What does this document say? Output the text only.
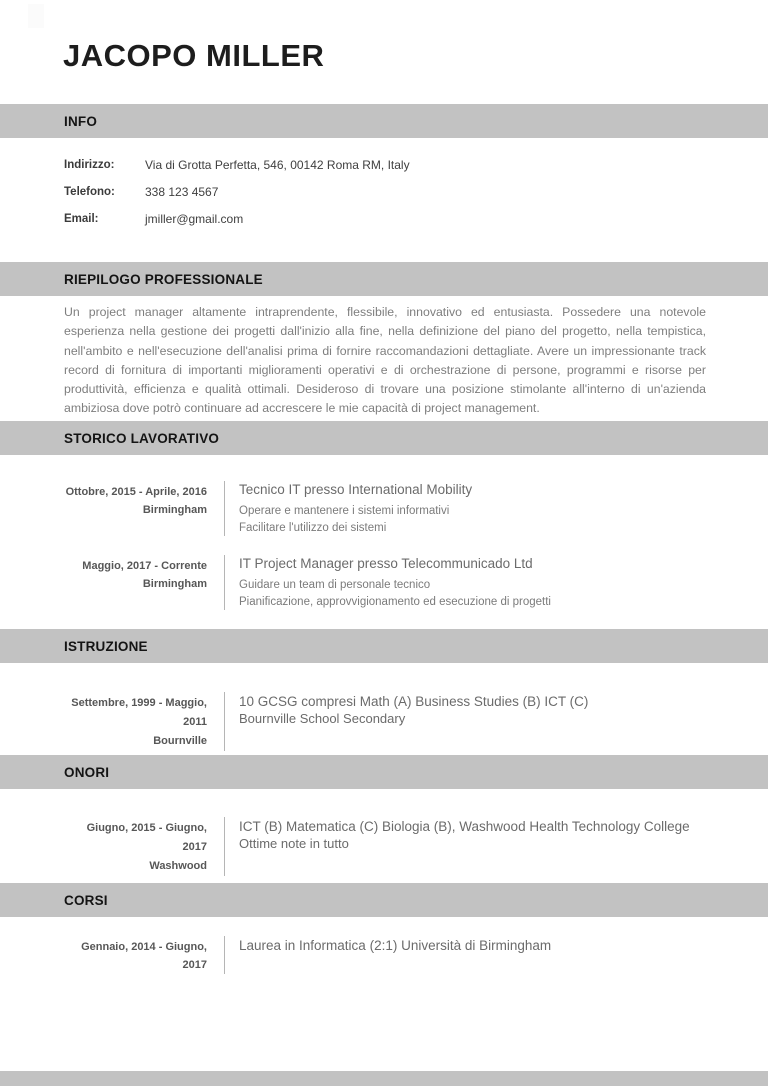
JACOPO MILLER
INFO
Indirizzo:	Via di Grotta Perfetta, 546, 00142 Roma RM, Italy
Telefono:	338 123 4567
Email:	jmiller@gmail.com
RIEPILOGO PROFESSIONALE
Un project manager altamente intraprendente, flessibile, innovativo ed entusiasta. Possedere una notevole esperienza nella gestione dei progetti dall'inizio alla fine, nella definizione del piano del progetto, nella tempistica, nell'ambito e nell'esecuzione dell'analisi prima di fornire raccomandazioni dettagliate. Avere un impressionante track record di fornitura di importanti miglioramenti operativi e di orchestrazione di persone, programmi e risorse per produttività, efficienza e qualità ottimali. Desideroso di trovare una posizione stimolante all'interno di un'azienda ambiziosa dove potrò continuare ad accrescere le mie capacità di project management.
STORICO LAVORATIVO
Ottobre, 2015 - Aprile, 2016
Birmingham
Tecnico IT presso International Mobility
Operare e mantenere i sistemi informativi
Facilitare l'utilizzo dei sistemi
Maggio, 2017 - Corrente
Birmingham
IT Project Manager presso Telecommunicado Ltd
Guidare un team di personale tecnico
Pianificazione, approvvigionamento ed esecuzione di progetti
ISTRUZIONE
Settembre, 1999 - Maggio, 2011
Bournville
10 GCSG compresi Math (A) Business Studies (B) ICT (C)
Bournville School Secondary
ONORI
Giugno, 2015 - Giugno, 2017
Washwood
ICT (B) Matematica (C) Biologia (B), Washwood Health Technology College
Ottime note in tutto
CORSI
Gennaio, 2014 - Giugno, 2017
Laurea in Informatica (2:1) Università di Birmingham
